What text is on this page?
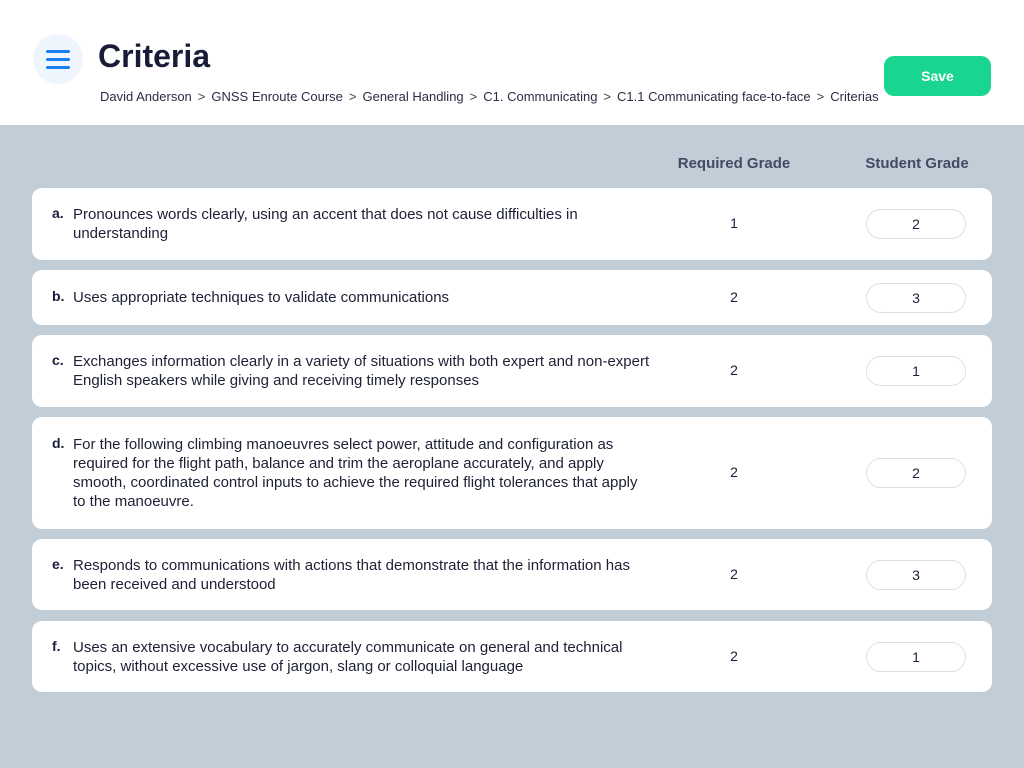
Criteria
David Anderson > GNSS Enroute Course > General Handling > C1. Communicating > C1.1 Communicating face-to-face > Criterias
Save
Required Grade	Student Grade
a. Pronounces words clearly, using an accent that does not cause difficulties in understanding
1	2
b. Uses appropriate techniques to validate communications	2	3
c. Exchanges information clearly in a variety of situations with both expert and non-expert English speakers while giving and receiving timely responses
2	1
d. For the following climbing manoeuvres select power, attitude and configuration as required for the flight path, balance and trim the aeroplane accurately, and apply smooth, coordinated control inputs to achieve the required flight tolerances that apply to the manoeuvre.
2	2
e. Responds to communications with actions that demonstrate that the information has been received and understood
2	3
f. Uses an extensive vocabulary to accurately communicate on general and technical topics, without excessive use of jargon, slang or colloquial language
2	1
